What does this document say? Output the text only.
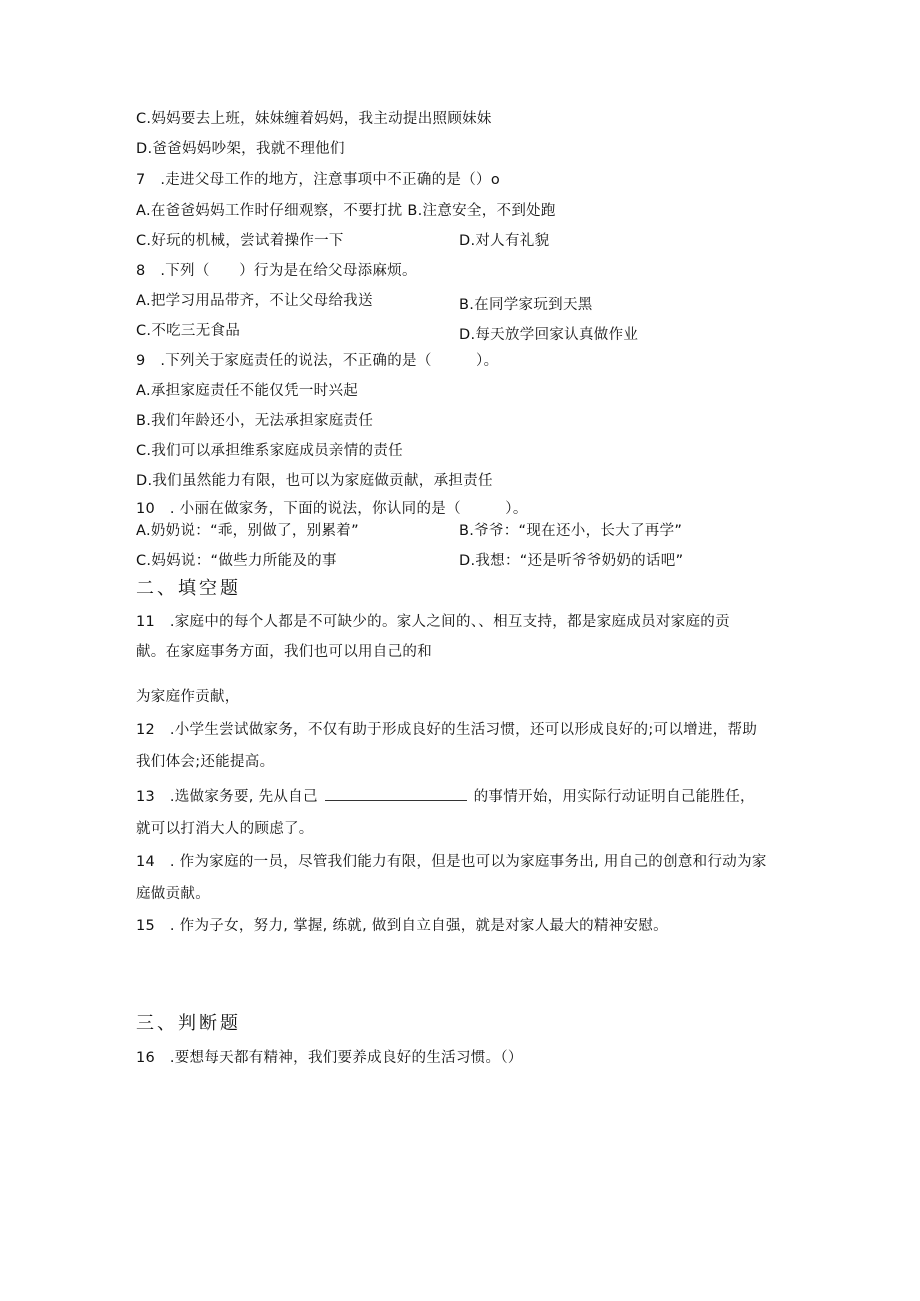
C.妈妈要去上班，妹妹缠着妈妈，我主动提出照顾妹妹
D.爸爸妈妈吵架，我就不理他们
7　.走进父母工作的地方，注意事项中不正确的是（）o
A.在爸爸妈妈工作时仔细观察，不要打扰 B.注意安全，不到处跑
C.好玩的机械，尝试着操作一下	D.对人有礼貌
8　.下列（　　）行为是在给父母添麻烦。
A.把学习用品带齐，不让父母给我送	B.在同学家玩到天黑
C.不吃三无食品	D.每天放学回家认真做作业
9　.下列关于家庭责任的说法，不正确的是（　　　）。
A.承担家庭责任不能仅凭一时兴起
B.我们年龄还小，无法承担家庭责任
C.我们可以承担维系家庭成员亲情的责任
D.我们虽然能力有限，也可以为家庭做贡献，承担责任
10　. 小丽在做家务，下面的说法，你认同的是（　　　）。
A.奶奶说：“乖，别做了，别累着”	B.爷爷：“现在还小，长大了再学”
C.妈妈说：“做些力所能及的事	D.我想：“还是听爷爷奶奶的话吧”
二、填空题
11　.家庭中的每个人都是不可缺少的。家人之间的、、相互支持，都是家庭成员对家庭的贡
献。在家庭事务方面，我们也可以用自己的和
为家庭作贡献，
12　.小学生尝试做家务，不仅有助于形成良好的生活习惯，还可以形成良好的;可以增进，帮助
我们体会;还能提高。
13　.选做家务要, 先从自己	的事情开始，用实际行动证明自己能胜任，
就可以打消大人的顾虑了。
14　. 作为家庭的一员，尽管我们能力有限，但是也可以为家庭事务出, 用自己的创意和行动为家
庭做贡献。
15　. 作为子女，努力, 掌握, 练就, 做到自立自强，就是对家人最大的精神安慰。
三、判断题
16　.要想每天都有精神，我们要养成良好的生活习惯。（）
